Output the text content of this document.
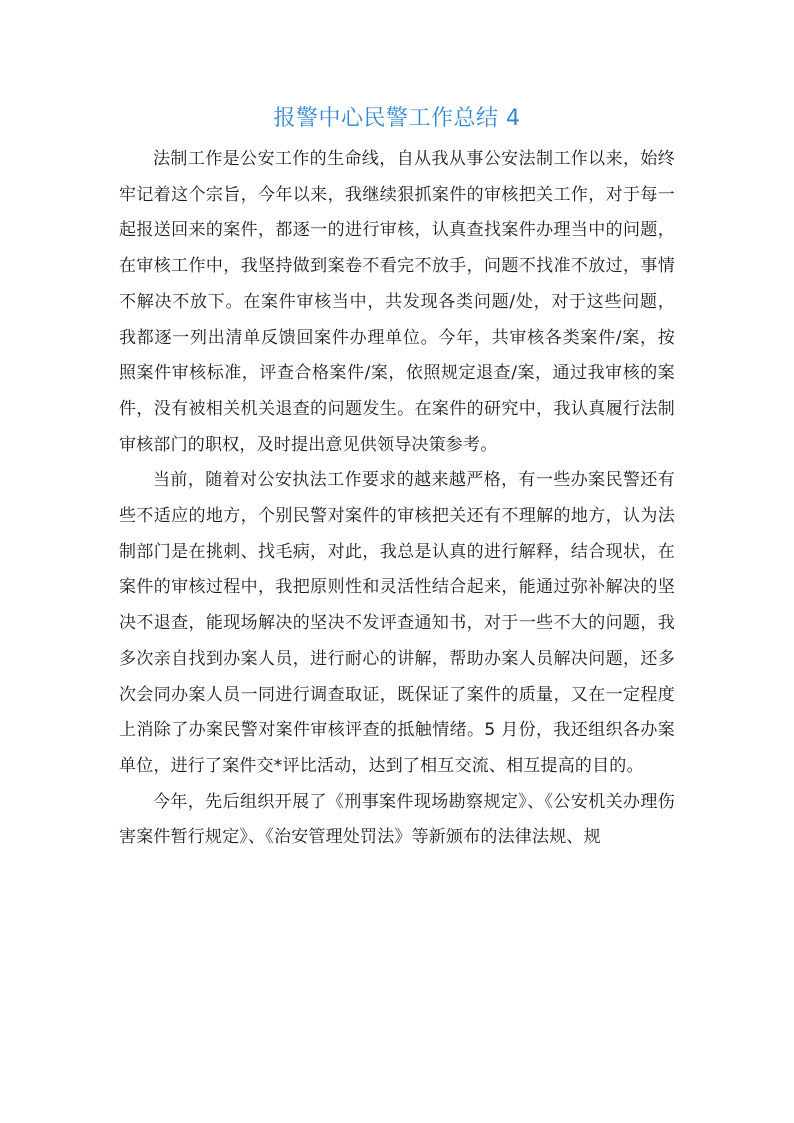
报警中心民警工作总结 4

法制工作是公安工作的生命线，自从我从事公安法制工作以来，始终牢记着这个宗旨，今年以来，我继续狠抓案件的审核把关工作，对于每一起报送回来的案件，都逐一的进行审核，认真查找案件办理当中的问题，在审核工作中，我坚持做到案卷不看完不放手，问题不找准不放过，事情不解决不放下。在案件审核当中，共发现各类问题/处，对于这些问题，我都逐一列出清单反馈回案件办理单位。今年，共审核各类案件/案，按照案件审核标准，评查合格案件/案，依照规定退查/案，通过我审核的案件，没有被相关机关退查的问题发生。在案件的研究中，我认真履行法制审核部门的职权，及时提出意见供领导决策参考。

当前，随着对公安执法工作要求的越来越严格，有一些办案民警还有些不适应的地方，个别民警对案件的审核把关还有不理解的地方，认为法制部门是在挑刺、找毛病，对此，我总是认真的进行解释，结合现状，在案件的审核过程中，我把原则性和灵活性结合起来，能通过弥补解决的坚决不退查，能现场解决的坚决不发评查通知书，对于一些不大的问题，我多次亲自找到办案人员，进行耐心的讲解，帮助办案人员解决问题，还多次会同办案人员一同进行调查取证，既保证了案件的质量，又在一定程度上消除了办案民警对案件审核评查的抵触情绪。5 月份，我还组织各办案单位，进行了案件交*评比活动，达到了相互交流、相互提高的目的。

今年，先后组织开展了《刑事案件现场勘察规定》、《公安机关办理伤害案件暂行规定》、《治安管理处罚法》等新颁布的法律法规、规
